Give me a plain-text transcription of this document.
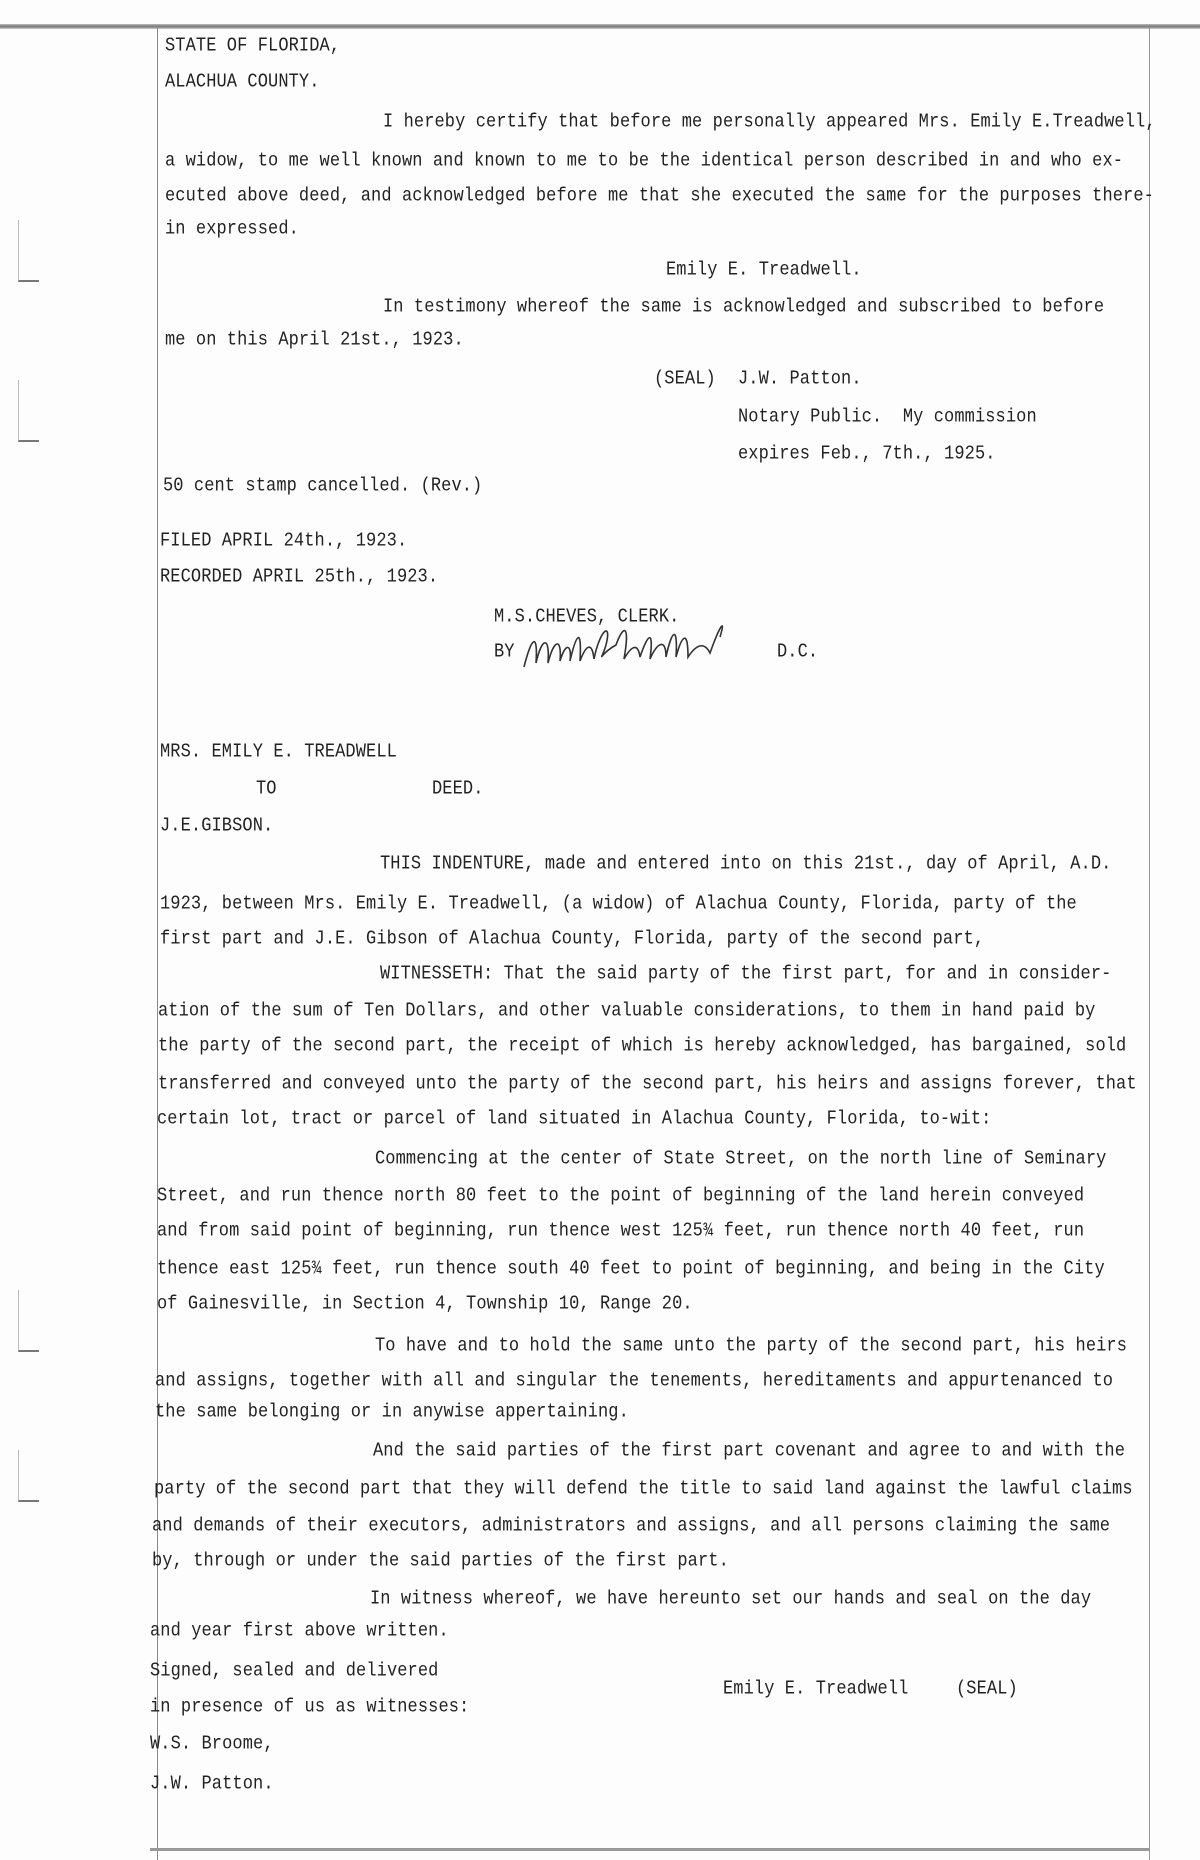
STATE OF FLORIDA,
ALACHUA COUNTY.
I hereby certify that before me personally appeared Mrs. Emily E.Treadwell,
a widow, to me well known and known to me to be the identical person described in and who ex-
ecuted above deed, and acknowledged before me that she executed the same for the purposes there-
in expressed.
Emily E. Treadwell.
In testimony whereof the same is acknowledged and subscribed to before
me on this April 21st., 1923.
(SEAL) J.W. Patton.
Notary Public.  My commission
expires Feb., 7th., 1925.
50 cent stamp cancelled. (Rev.)
FILED APRIL 24th., 1923.
RECORDED APRIL 25th., 1923.
M.S.CHEVES, CLERK.
BY	D.C.
MRS. EMILY E. TREADWELL
TO	DEED.
J.E.GIBSON.
THIS INDENTURE, made and entered into on this 21st., day of April, A.D.
1923, between Mrs. Emily E. Treadwell, (a widow) of Alachua County, Florida, party of the
first part and J.E. Gibson of Alachua County, Florida, party of the second part,
WITNESSETH: That the said party of the first part, for and in consider-
ation of the sum of Ten Dollars, and other valuable considerations, to them in hand paid by
the party of the second part, the receipt of which is hereby acknowledged, has bargained, sold
transferred and conveyed unto the party of the second part, his heirs and assigns forever, that
certain lot, tract or parcel of land situated in Alachua County, Florida, to-wit:
Commencing at the center of State Street, on the north line of Seminary
Street, and run thence north 80 feet to the point of beginning of the land herein conveyed
and from said point of beginning, run thence west 125¾ feet, run thence north 40 feet, run
thence east 125¾ feet, run thence south 40 feet to point of beginning, and being in the City
of Gainesville, in Section 4, Township 10, Range 20.
To have and to hold the same unto the party of the second part, his heirs
and assigns, together with all and singular the tenements, hereditaments and appurtenanced to
the same belonging or in anywise appertaining.
And the said parties of the first part covenant and agree to and with the
party of the second part that they will defend the title to said land against the lawful claims
and demands of their executors, administrators and assigns, and all persons claiming the same
by, through or under the said parties of the first part.
In witness whereof, we have hereunto set our hands and seal on the day
and year first above written.
Signed, sealed and delivered
Emily E. Treadwell	(SEAL)
in presence of us as witnesses:
W.S. Broome,
J.W. Patton.
